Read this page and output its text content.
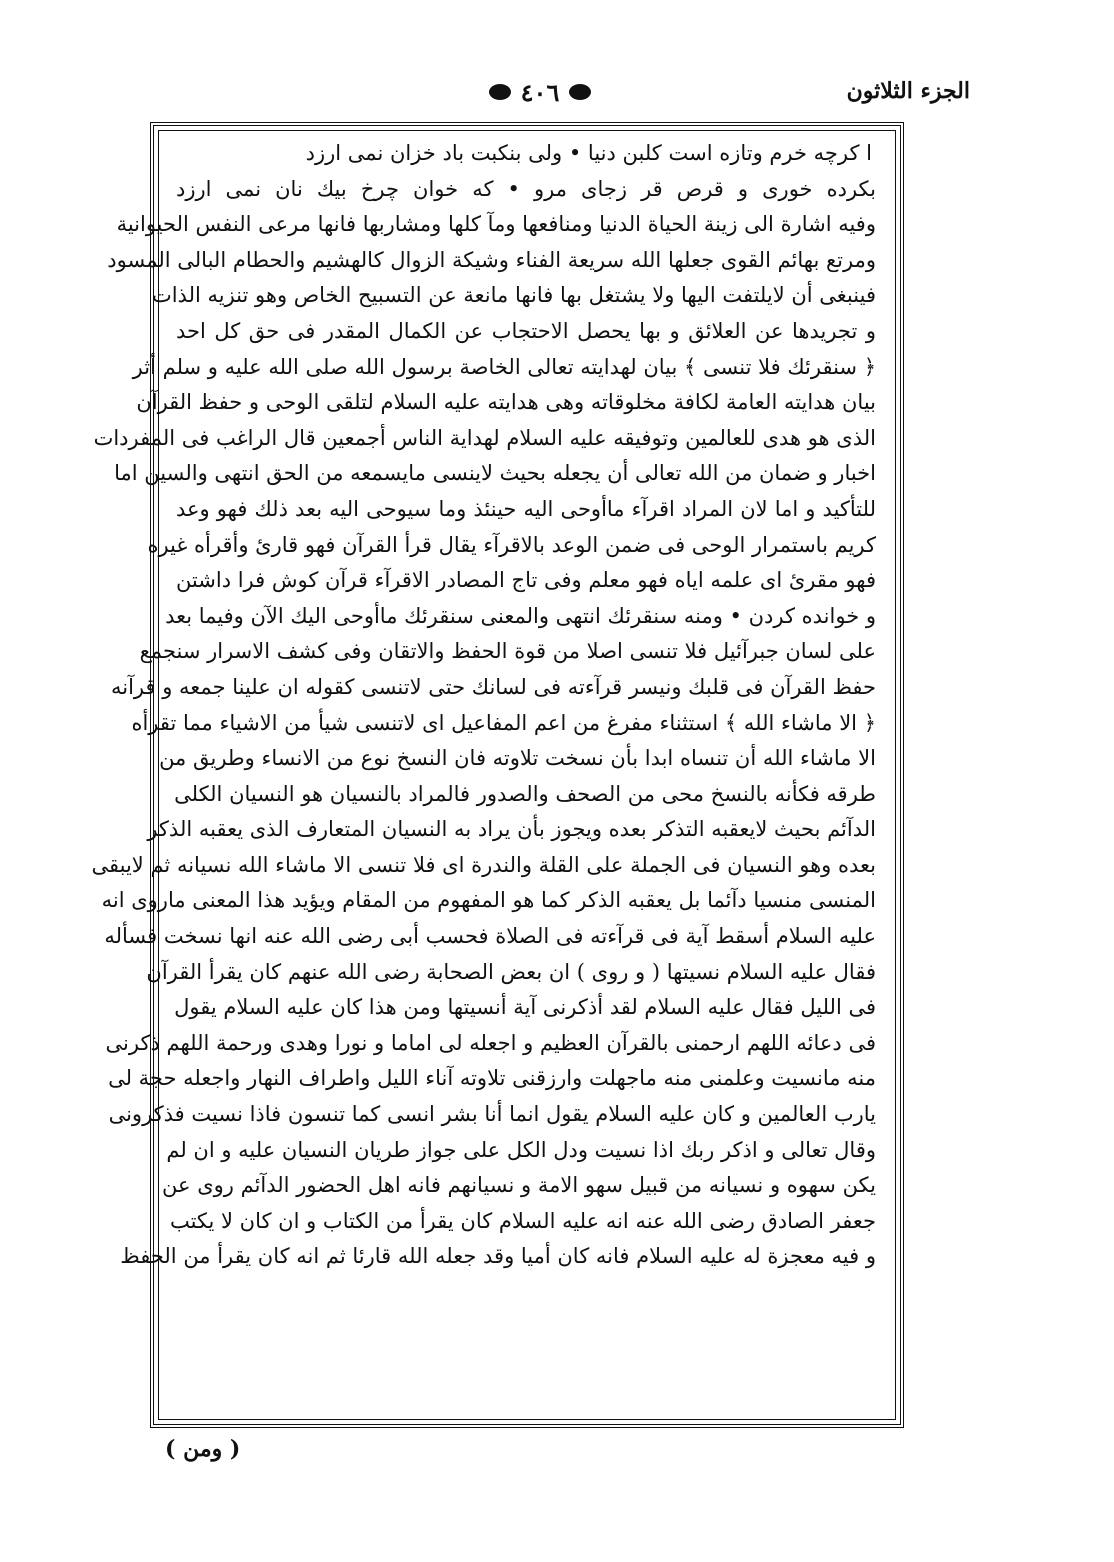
٤٠٦	الجزء الثلاثون
ا كرچه خرم وتازه است كلبن دنيا • ولى بنكبت باد خزان نمى ارزد
بكرده خورى و قرص قر زجاى مرو • كه خوان چرخ بيك نان نمى ارزد
وفيه اشارة الى زينة الحياة الدنيا ومنافعها ومآ كلها ومشاربها فانها مرعى النفس الحيوانية
ومرتع بهائم القوى جعلها الله سريعة الفناء وشيكة الزوال كالهشيم والحطام البالى المسود
فينبغى أن لايلتفت اليها ولا يشتغل بها فانها مانعة عن التسبيح الخاص وهو تنزيه الذات
و تجريدها عن العلائق و بها يحصل الاحتجاب عن الكمال المقدر فى حق كل احد
﴿ سنقرئك فلا تنسى ﴾ بيان لهدايته تعالى الخاصة برسول الله صلى الله عليه و سلم أثر
بيان هدايته العامة لكافة مخلوقاته وهى هدايته عليه السلام لتلقى الوحى و حفظ القرآن
الذى هو هدى للعالمين وتوفيقه عليه السلام لهداية الناس أجمعين قال الراغب فى المفردات
اخبار و ضمان من الله تعالى أن يجعله بحيث لاينسى مايسمعه من الحق انتهى والسين اما
للتأكيد و اما لان المراد اقرآء ماأوحى اليه حينئذ وما سيوحى اليه بعد ذلك فهو وعد
كريم باستمرار الوحى فى ضمن الوعد بالاقرآء يقال قرأ القرآن فهو قارئ وأقرأه غيره
فهو مقرئ اى علمه اياه فهو معلم وفى تاج المصادر الاقرآء قرآن كوش فرا داشتن
و خوانده كردن • ومنه سنقرئك انتهى والمعنى سنقرئك ماأوحى اليك الآن وفيما بعد
على لسان جبرآئيل فلا تنسى اصلا من قوة الحفظ والاتقان وفى كشف الاسرار سنجمع
حفظ القرآن فى قلبك ونيسر قرآءته فى لسانك حتى لاتنسى كقوله ان علينا جمعه و قرآنه
﴿ الا ماشاء الله ﴾ استثناء مفرغ من اعم المفاعيل اى لاتنسى شيأ من الاشياء مما تقرأه
الا ماشاء الله أن تنساه ابدا بأن نسخت تلاوته فان النسخ نوع من الانساء وطريق من
طرقه فكأنه بالنسخ محى من الصحف والصدور فالمراد بالنسيان هو النسيان الكلى
الدآئم بحيث لايعقبه التذكر بعده ويجوز بأن يراد به النسيان المتعارف الذى يعقبه الذكر
بعده وهو النسيان فى الجملة على القلة والندرة اى فلا تنسى الا ماشاء الله نسيانه ثم لايبقى
المنسى منسيا دآئما بل يعقبه الذكر كما هو المفهوم من المقام ويؤيد هذا المعنى ماروى انه
عليه السلام أسقط آية فى قرآءته فى الصلاة فحسب أبى رضى الله عنه انها نسخت فسأله
فقال عليه السلام نسيتها ( و روى ) ان بعض الصحابة رضى الله عنهم كان يقرأ القرآن
فى الليل فقال عليه السلام لقد أذكرنى آية أنسيتها ومن هذا كان عليه السلام يقول
فى دعائه اللهم ارحمنى بالقرآن العظيم و اجعله لى اماما و نورا وهدى ورحمة اللهم ذكرنى
منه مانسيت وعلمنى منه ماجهلت وارزقنى تلاوته آناء الليل واطراف النهار واجعله حجة لى
يارب العالمين و كان عليه السلام يقول انما أنا بشر انسى كما تنسون فاذا نسيت فذكرونى
وقال تعالى و اذكر ربك اذا نسيت ودل الكل على جواز طريان النسيان عليه و ان لم
يكن سهوه و نسيانه من قبيل سهو الامة و نسيانهم فانه اهل الحضور الدآئم روى عن
جعفر الصادق رضى الله عنه انه عليه السلام كان يقرأ من الكتاب و ان كان لا يكتب
و فيه معجزة له عليه السلام فانه كان أميا وقد جعله الله قارئا ثم انه كان يقرأ من الحفظ
( ومن )
